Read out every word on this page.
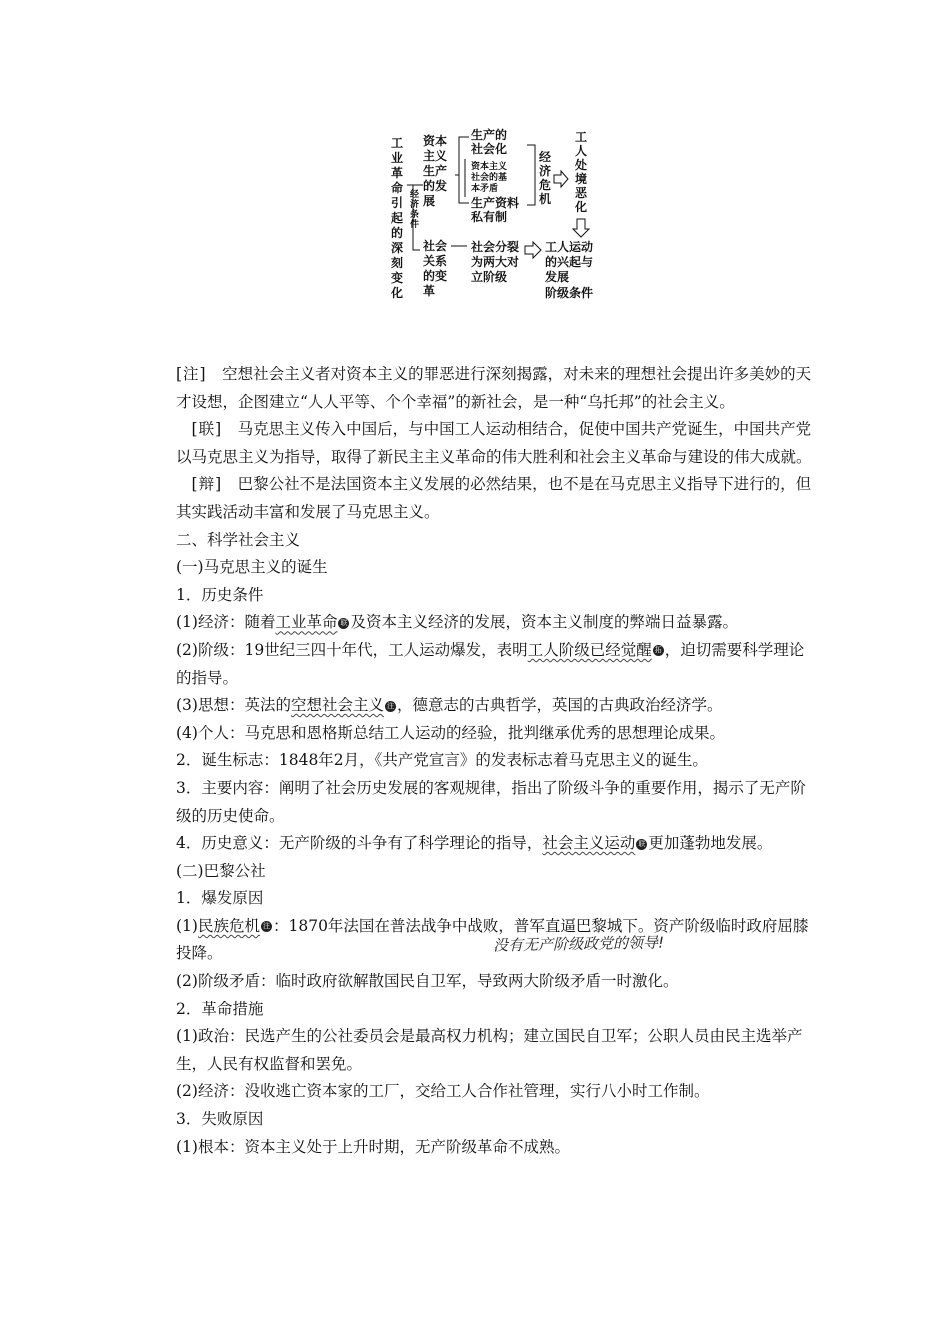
工
业
革
命
引
起
的
深
刻
变
化
经
济
条
件
资本
主义
生产
的发
展
社会
关系
的变
革
生产的
社会化
资本主义
社会的基
本矛盾
生产资料
私有制
经
济
危
机
工
人
处
境
恶
化
社会分裂
为两大对
立阶级
工人运动
的兴起与
发展
阶级条件
[注]　 空想社会主义者对资本主义的罪恶进行深刻揭露，对未来的理想社会提出许多美妙的天才设想，企图建立“人人平等、个个幸福”的新社会，是一种“乌托邦”的社会主义。
　[联]　 马克思主义传入中国后，与中国工人运动相结合，促使中国共产党诞生，中国共产党以马克思主义为指导，取得了新民主主义革命的伟大胜利和社会主义革命与建设的伟大成就。
　[辩]　 巴黎公社不是法国资本主义发展的必然结果，也不是在马克思主义指导下进行的，但其实践活动丰富和发展了马克思主义。
二、科学社会主义
(一)马克思主义的诞生
1．历史条件
(1)经济：随着工业革命 联 及资本主义经济的发展，资本主义制度的弊端日益暴露。
(2)阶级：19世纪三四十年代，工人运动爆发，表明工人阶级已经觉醒 拓 ，迫切需要科学理论的指导。
(3)思想：英法的空想社会主义 注 ，德意志的古典哲学，英国的古典政治经济学。
(4)个人：马克思和恩格斯总结工人运动的经验，批判继承优秀的思想理论成果。
2．诞生标志：1848年2月，《共产党宣言》的发表标志着马克思主义的诞生。
3．主要内容：阐明了社会历史发展的客观规律，指出了阶级斗争的重要作用，揭示了无产阶级的历史使命。
4．历史意义：无产阶级的斗争有了科学理论的指导，社会主义运动 联 更加蓬勃地发展。
(二)巴黎公社
1．爆发原因
(1)民族危机 注 ：1870年法国在普法战争中战败，普军直逼巴黎城下。资产阶级临时政府屈膝投降。
(2)阶级矛盾：临时政府欲解散国民自卫军，导致两大阶级矛盾一时激化。
2．革命措施
(1)政治：民选产生的公社委员会是最高权力机构；建立国民自卫军；公职人员由民主选举产生，人民有权监督和罢免。
(2)经济：没收逃亡资本家的工厂，交给工人合作社管理，实行八小时工作制。
3．失败原因
(1)根本：资本主义处于上升时期，无产阶级革命不成熟。
没有无产阶级政党的领导!
